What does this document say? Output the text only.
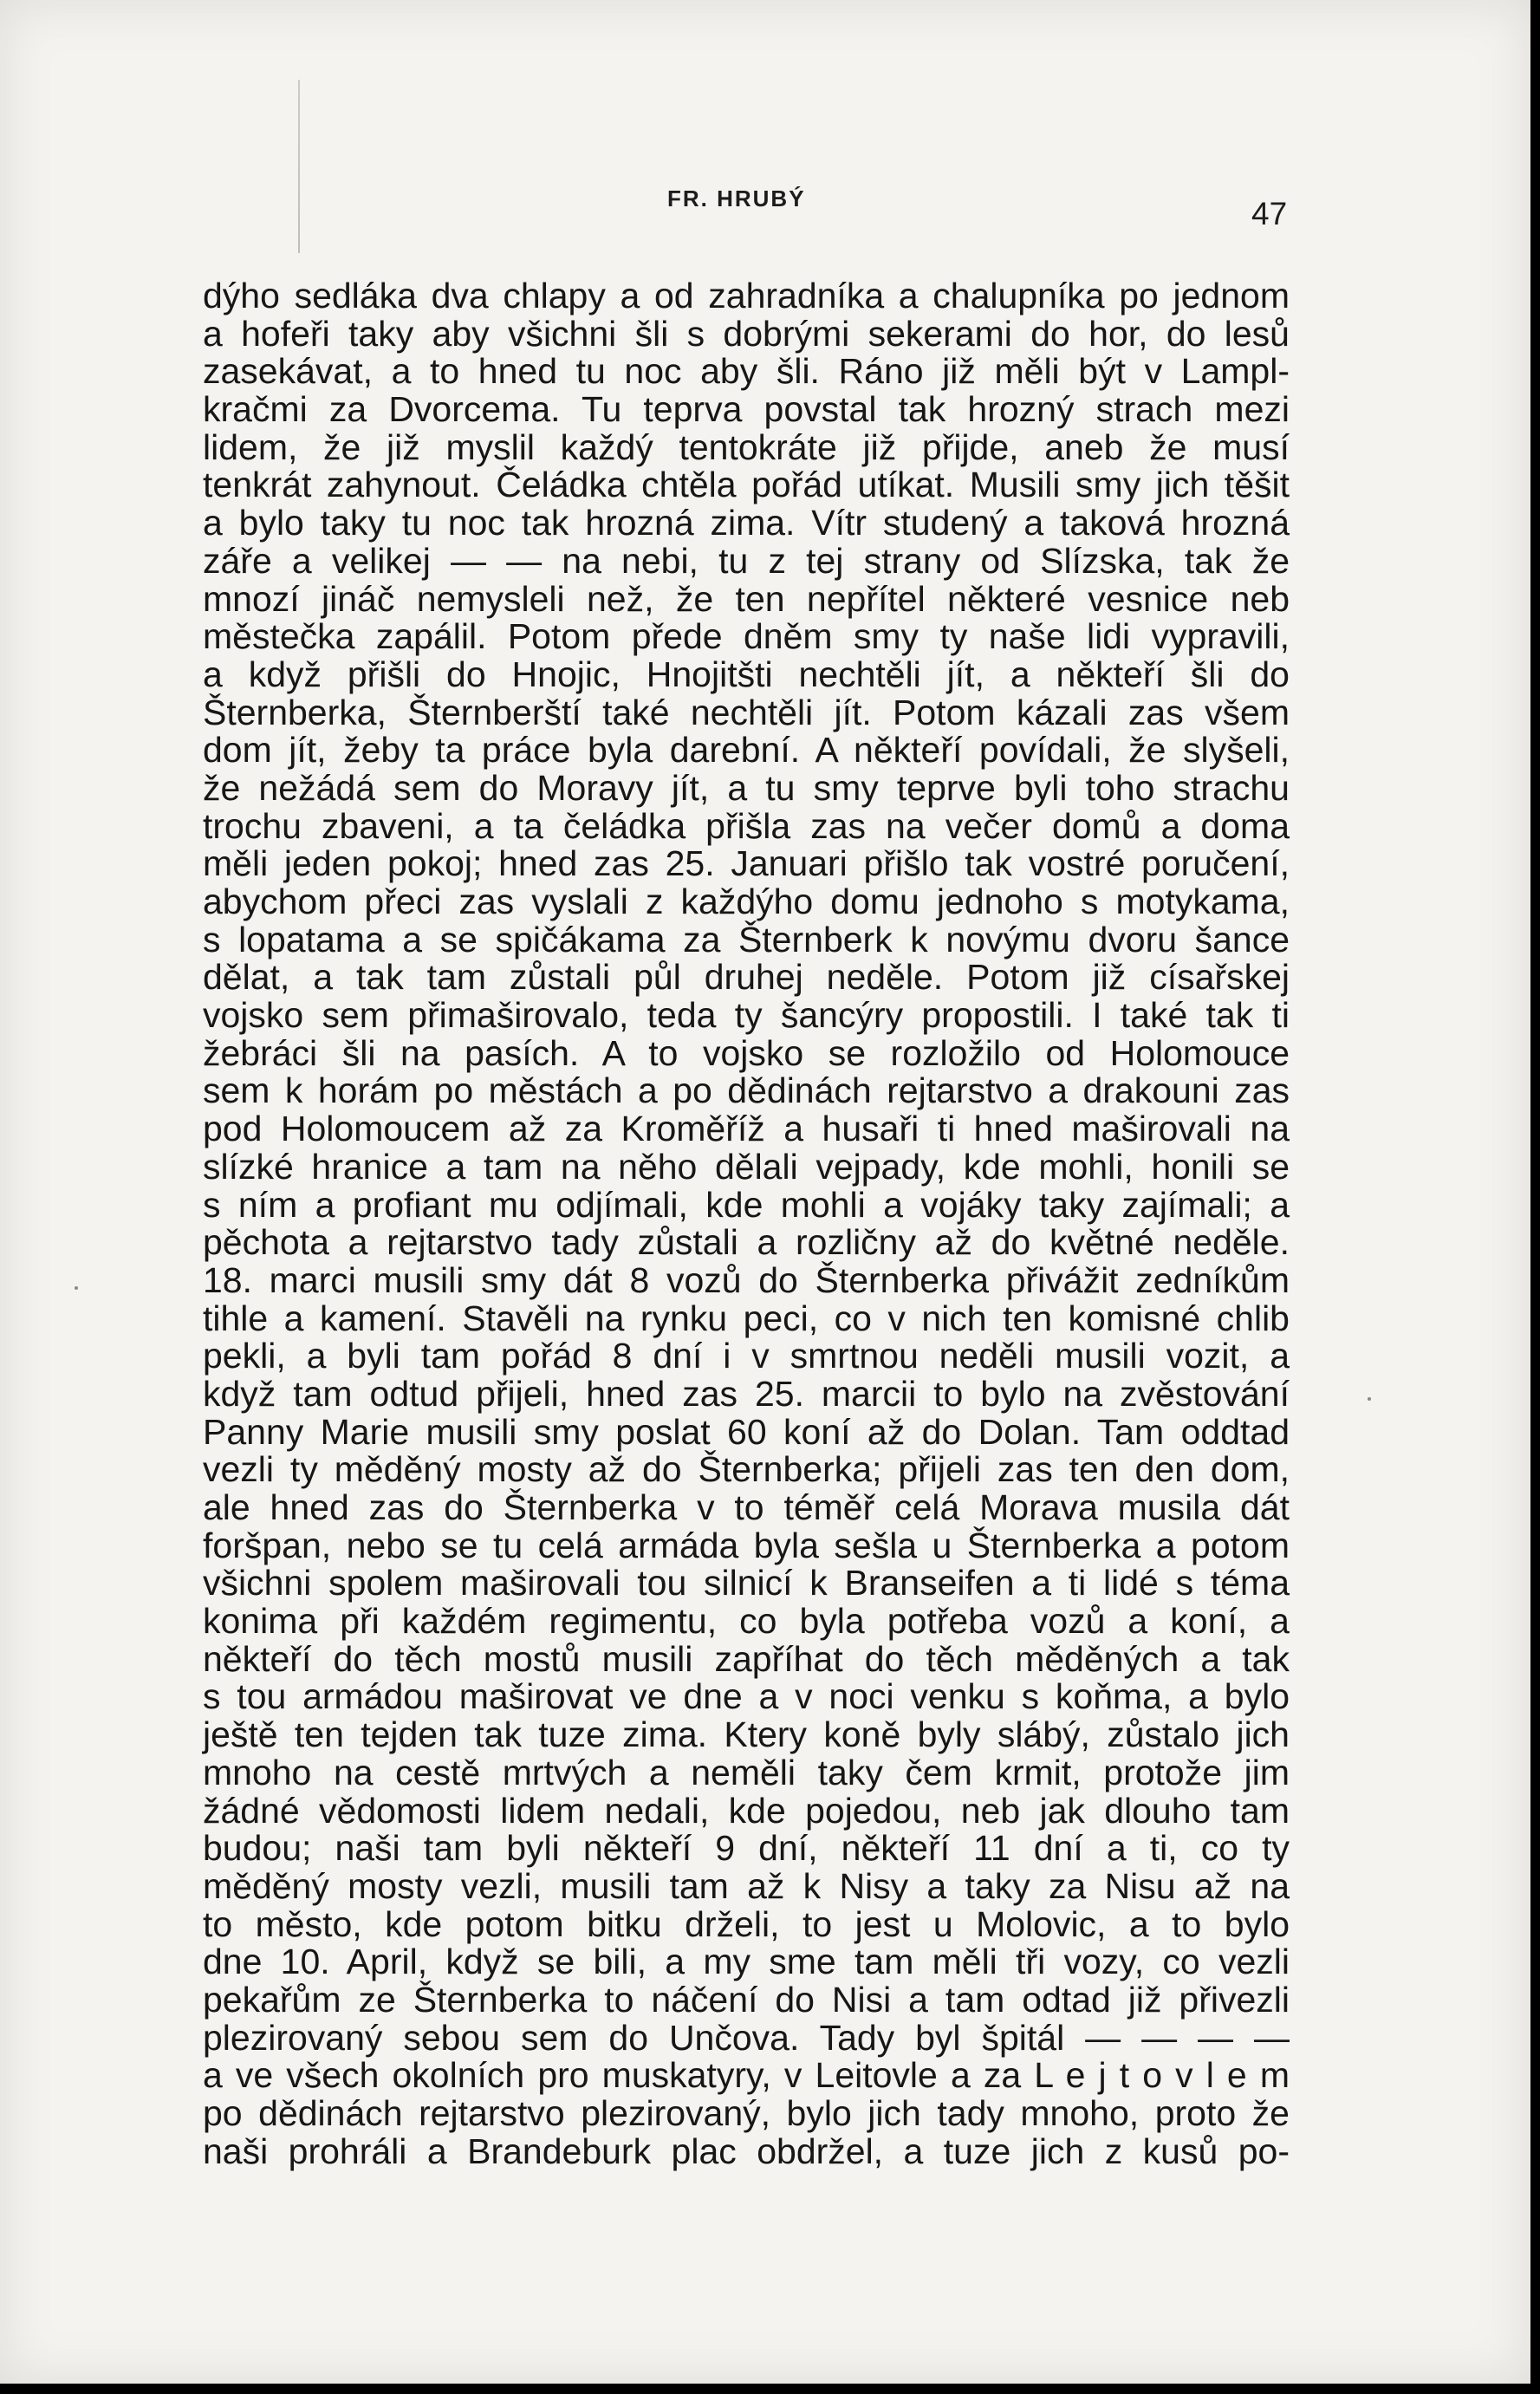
FR. HRUBÝ	47
dýho sedláka dva chlapy a od zahradníka a chalupníka po jednom
a hofeři taky aby všichni šli s dobrými sekerami do hor, do lesů
zasekávat, a to hned tu noc aby šli. Ráno již měli být v Lampl-
kračmi za Dvorcema. Tu teprva povstal tak hrozný strach mezi
lidem, že již myslil každý tentokráte již přijde, aneb že musí
tenkrát zahynout. Čeládka chtěla pořád utíkat. Musili smy jich těšit
a bylo taky tu noc tak hrozná zima. Vítr studený a taková hrozná
záře a velikej — — na nebi, tu z tej strany od Slízska, tak že
mnozí jináč nemysleli než, že ten nepřítel některé vesnice neb
městečka zapálil. Potom přede dněm smy ty naše lidi vypravili,
a když přišli do Hnojic, Hnojitšti nechtěli jít, a někteří šli do
Šternberka, Šternberští také nechtěli jít. Potom kázali zas všem
dom jít, žeby ta práce byla darební. A někteří povídali, že slyšeli,
že nežádá sem do Moravy jít, a tu smy teprve byli toho strachu
trochu zbaveni, a ta čeládka přišla zas na večer domů a doma
měli jeden pokoj; hned zas 25. Januari přišlo tak vostré poručení,
abychom přeci zas vyslali z každýho domu jednoho s motykama,
s lopatama a se spičákama za Šternberk k novýmu dvoru šance
dělat, a tak tam zůstali půl druhej neděle. Potom již císařskej
vojsko sem přimaširovalo, teda ty šancýry propostili. I také tak ti
žebráci šli na pasích. A to vojsko se rozložilo od Holomouce
sem k horám po městách a po dědinách rejtarstvo a drakouni zas
pod Holomoucem až za Kroměříž a husaři ti hned maširovali na
slízké hranice a tam na něho dělali vejpady, kde mohli, honili se
s ním a profiant mu odjímali, kde mohli a vojáky taky zajímali; a
pěchota a rejtarstvo tady zůstali a rozličny až do květné neděle.
18. marci musili smy dát 8 vozů do Šternberka přivážit zedníkům
tihle a kamení. Stavěli na rynku peci, co v nich ten komisné chlib
pekli, a byli tam pořád 8 dní i v smrtnou neděli musili vozit, a
když tam odtud přijeli, hned zas 25. marcii to bylo na zvěstování
Panny Marie musili smy poslat 60 koní až do Dolan. Tam oddtad
vezli ty měděný mosty až do Šternberka; přijeli zas ten den dom,
ale hned zas do Šternberka v to téměř celá Morava musila dát
foršpan, nebo se tu celá armáda byla sešla u Šternberka a potom
všichni spolem maširovali tou silnicí k Branseifen a ti lidé s téma
konima při každém regimentu, co byla potřeba vozů a koní, a
někteří do těch mostů musili zapříhat do těch měděných a tak
s tou armádou maširovat ve dne a v noci venku s koňma, a bylo
ještě ten tejden tak tuze zima. Ktery koně byly slábý, zůstalo jich
mnoho na cestě mrtvých a neměli taky čem krmit, protože jim
žádné vědomosti lidem nedali, kde pojedou, neb jak dlouho tam
budou; naši tam byli někteří 9 dní, někteří 11 dní a ti, co ty
měděný mosty vezli, musili tam až k Nisy a taky za Nisu až na
to město, kde potom bitku drželi, to jest u Molovic, a to bylo
dne 10. April, když se bili, a my sme tam měli tři vozy, co vezli
pekařům ze Šternberka to náčení do Nisi a tam odtad již přivezli
plezirovaný sebou sem do Unčova. Tady byl špitál — — — —
a ve všech okolních pro muskatyry, v Leitovle a za L e j t o v l e m
po dědinách rejtarstvo plezirovaný, bylo jich tady mnoho, proto že
naši prohráli a Brandeburk plac obdržel, a tuze jich z kusů po-
